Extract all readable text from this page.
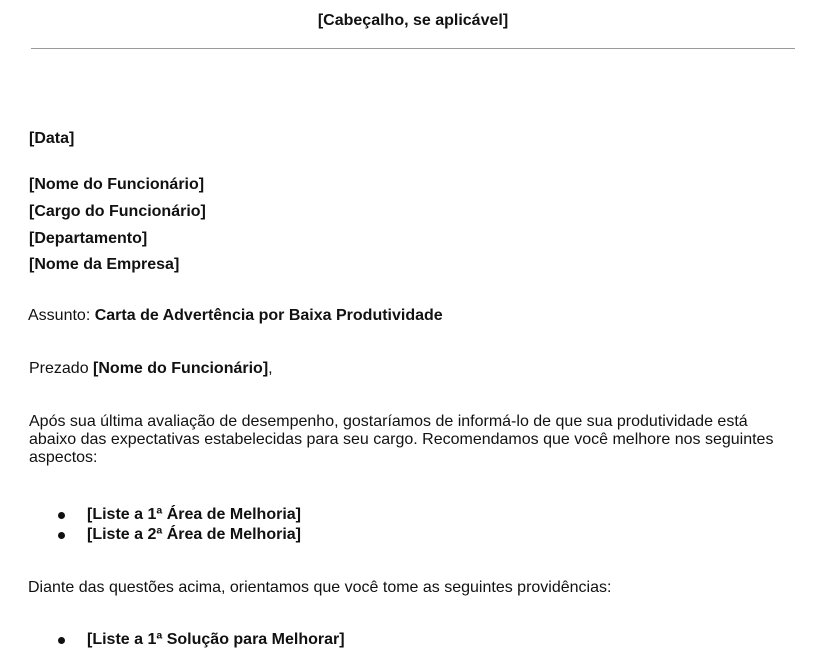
[Cabeçalho, se aplicável]
[Data]
[Nome do Funcionário]
[Cargo do Funcionário]
[Departamento]
[Nome da Empresa]
Assunto: Carta de Advertência por Baixa Produtividade
Prezado [Nome do Funcionário],
Após sua última avaliação de desempenho, gostaríamos de informá-lo de que sua produtividade está abaixo das expectativas estabelecidas para seu cargo. Recomendamos que você melhore nos seguintes aspectos:
[Liste a 1ª Área de Melhoria]
[Liste a 2ª Área de Melhoria]
Diante das questões acima, orientamos que você tome as seguintes providências:
[Liste a 1ª Solução para Melhorar]
